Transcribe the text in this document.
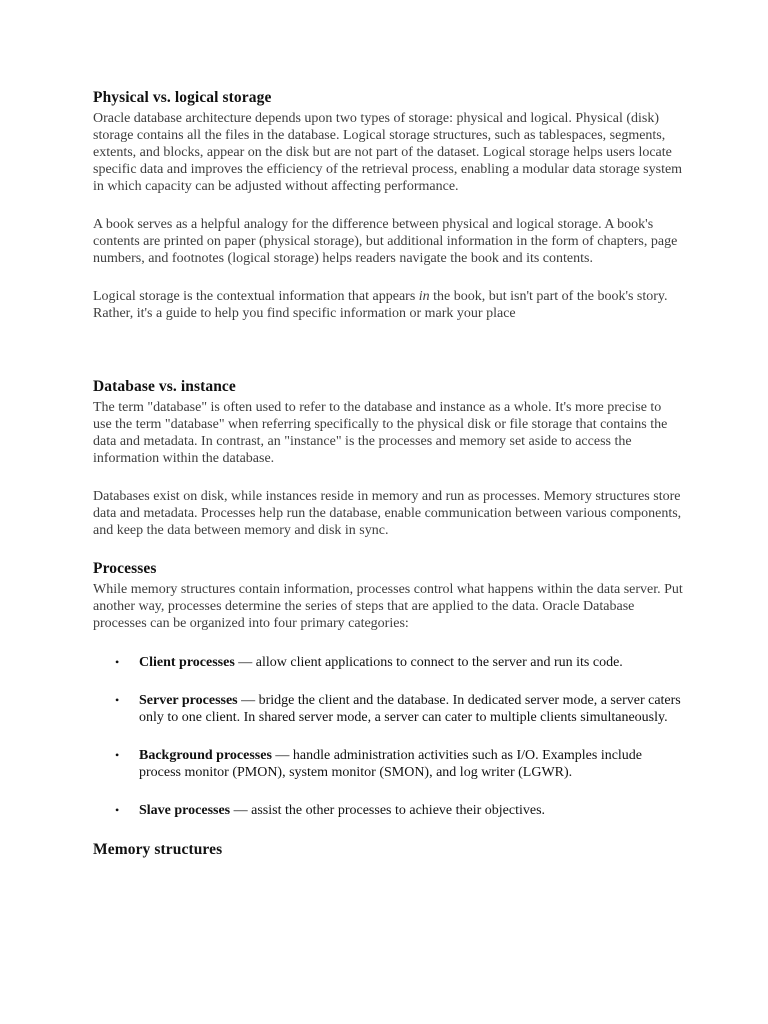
Physical vs. logical storage

Oracle database architecture depends upon two types of storage: physical and logical. Physical (disk) storage contains all the files in the database. Logical storage structures, such as tablespaces, segments, extents, and blocks, appear on the disk but are not part of the dataset. Logical storage helps users locate specific data and improves the efficiency of the retrieval process, enabling a modular data storage system in which capacity can be adjusted without affecting performance.

A book serves as a helpful analogy for the difference between physical and logical storage. A book's contents are printed on paper (physical storage), but additional information in the form of chapters, page numbers, and footnotes (logical storage) helps readers navigate the book and its contents.

Logical storage is the contextual information that appears in the book, but isn't part of the book's story. Rather, it's a guide to help you find specific information or mark your place

Database vs. instance

The term "database" is often used to refer to the database and instance as a whole. It's more precise to use the term "database" when referring specifically to the physical disk or file storage that contains the data and metadata. In contrast, an "instance" is the processes and memory set aside to access the information within the database.

Databases exist on disk, while instances reside in memory and run as processes. Memory structures store data and metadata. Processes help run the database, enable communication between various components, and keep the data between memory and disk in sync.

Processes

While memory structures contain information, processes control what happens within the data server. Put another way, processes determine the series of steps that are applied to the data. Oracle Database processes can be organized into four primary categories:

• Client processes — allow client applications to connect to the server and run its code.
• Server processes — bridge the client and the database. In dedicated server mode, a server caters only to one client. In shared server mode, a server can cater to multiple clients simultaneously.
• Background processes — handle administration activities such as I/O. Examples include process monitor (PMON), system monitor (SMON), and log writer (LGWR).
• Slave processes — assist the other processes to achieve their objectives.
Memory structures
